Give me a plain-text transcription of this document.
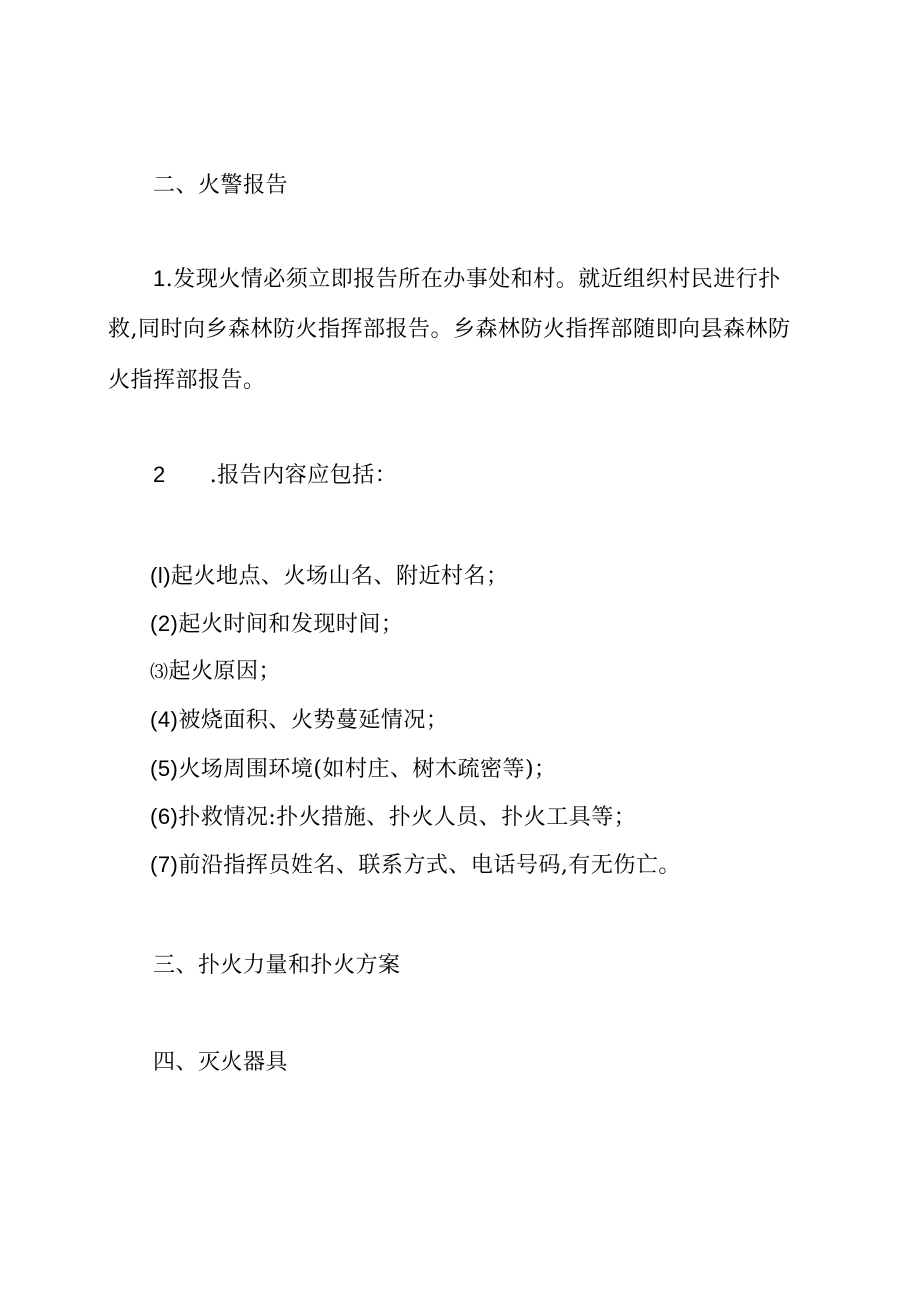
二、火警报告
1.发现火情必须立即报告所在办事处和村。就近组织村民进行扑
救,同时向乡森林防火指挥部报告。乡森林防火指挥部随即向县森林防
火指挥部报告。
2 .报告内容应包括：
(l)起火地点、火场山名、附近村名；
(2)起火时间和发现时间；
⑶起火原因；
(4)被烧面积、火势蔓延情况；
(5)火场周围环境(如村庄、树木疏密等)；
(6)扑救情况:扑火措施、扑火人员、扑火工具等；
(7)前沿指挥员姓名、联系方式、电话号码,有无伤亡。
三、扑火力量和扑火方案
四、灭火器具
